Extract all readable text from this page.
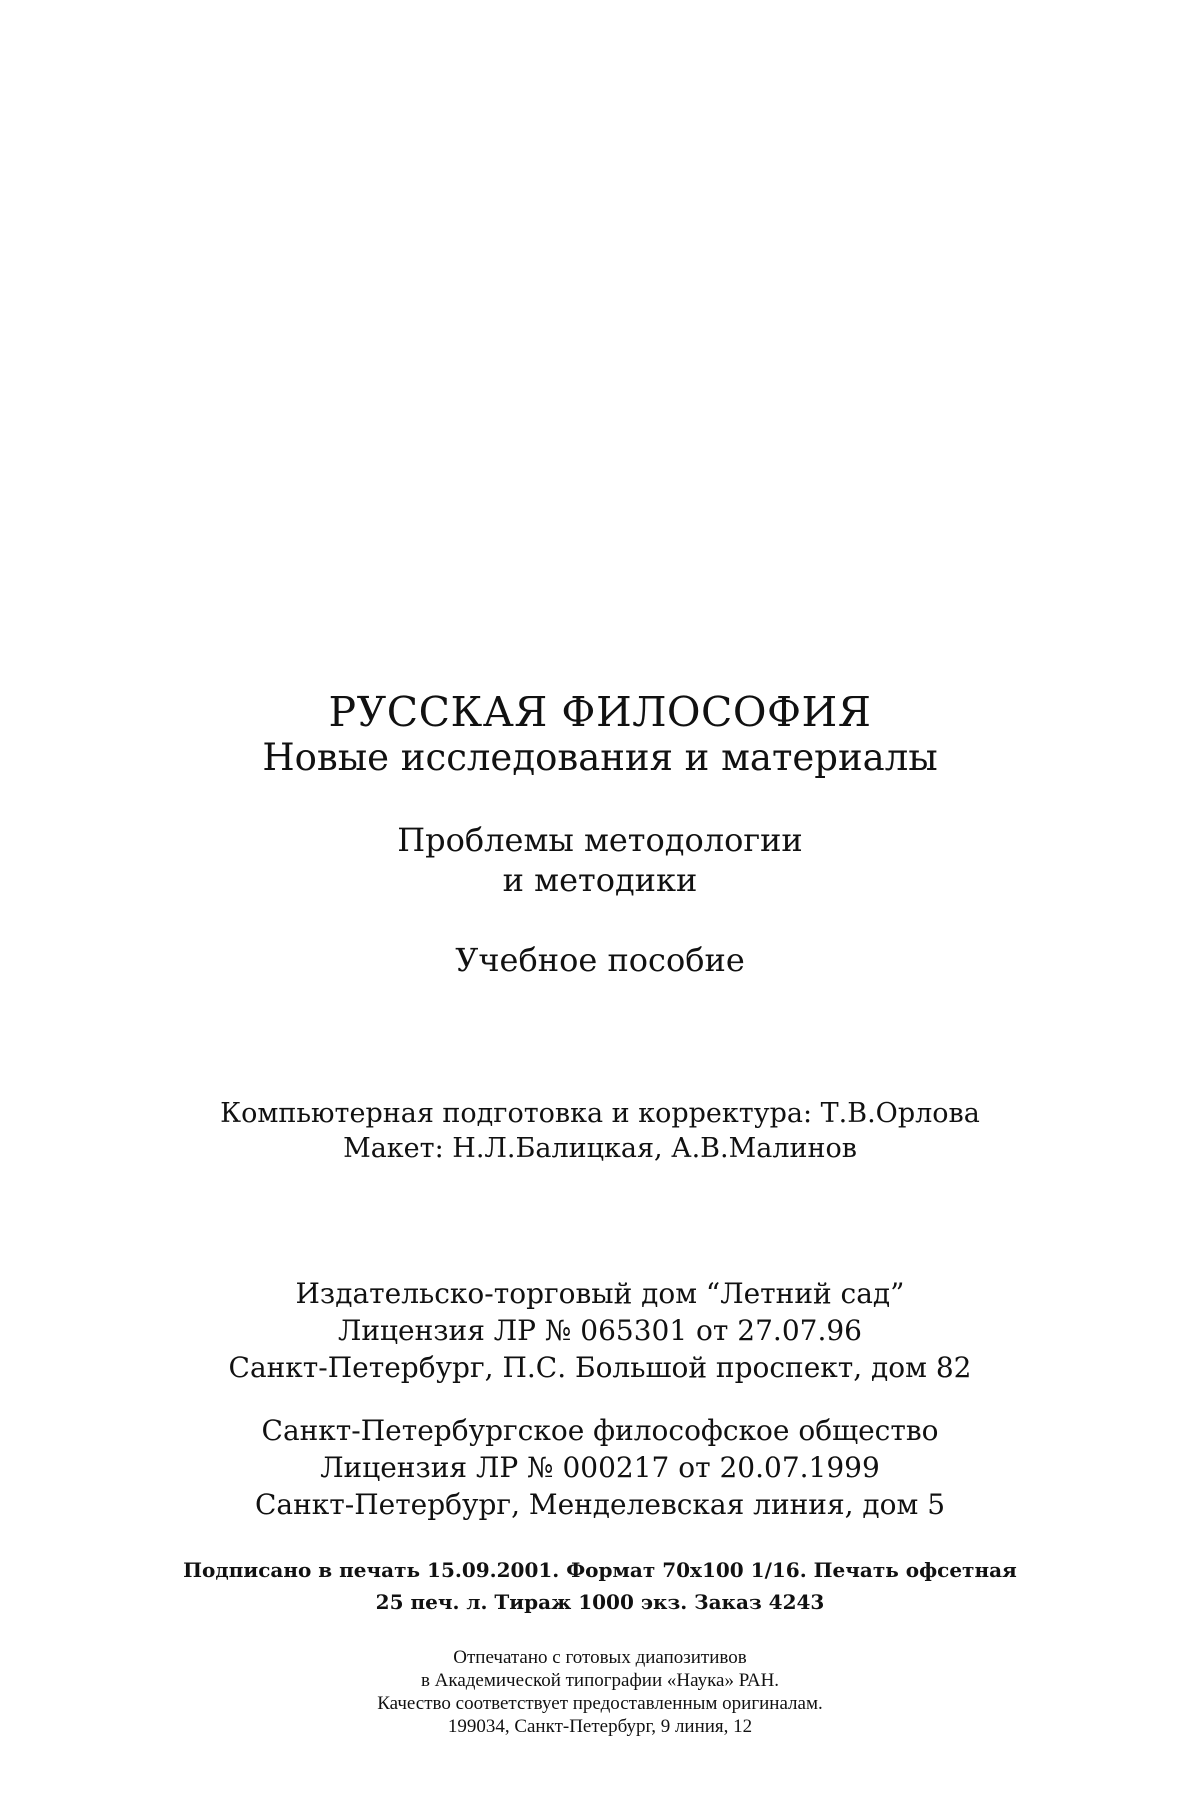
РУССКАЯ ФИЛОСОФИЯ
Новые исследования и материалы
Проблемы методологии
и методики
Учебное пособие
Компьютерная подготовка и корректура: Т.В.Орлова
Макет: Н.Л.Балицкая, А.В.Малинов
Издательско-торговый дом “Летний сад”
Лицензия ЛР № 065301 от 27.07.96
Санкт-Петербург, П.С. Большой проспект, дом 82
Санкт-Петербургское философское общество
Лицензия ЛР № 000217 от 20.07.1999
Санкт-Петербург, Менделевская линия, дом 5
Подписано в печать 15.09.2001. Формат 70х100 1/16. Печать офсетная
25 печ. л. Тираж 1000 экз. Заказ 4243
Отпечатано с готовых диапозитивов
в Академической типографии «Наука» РАН.
Качество соответствует предоставленным оригиналам.
199034, Санкт-Петербург, 9 линия, 12
